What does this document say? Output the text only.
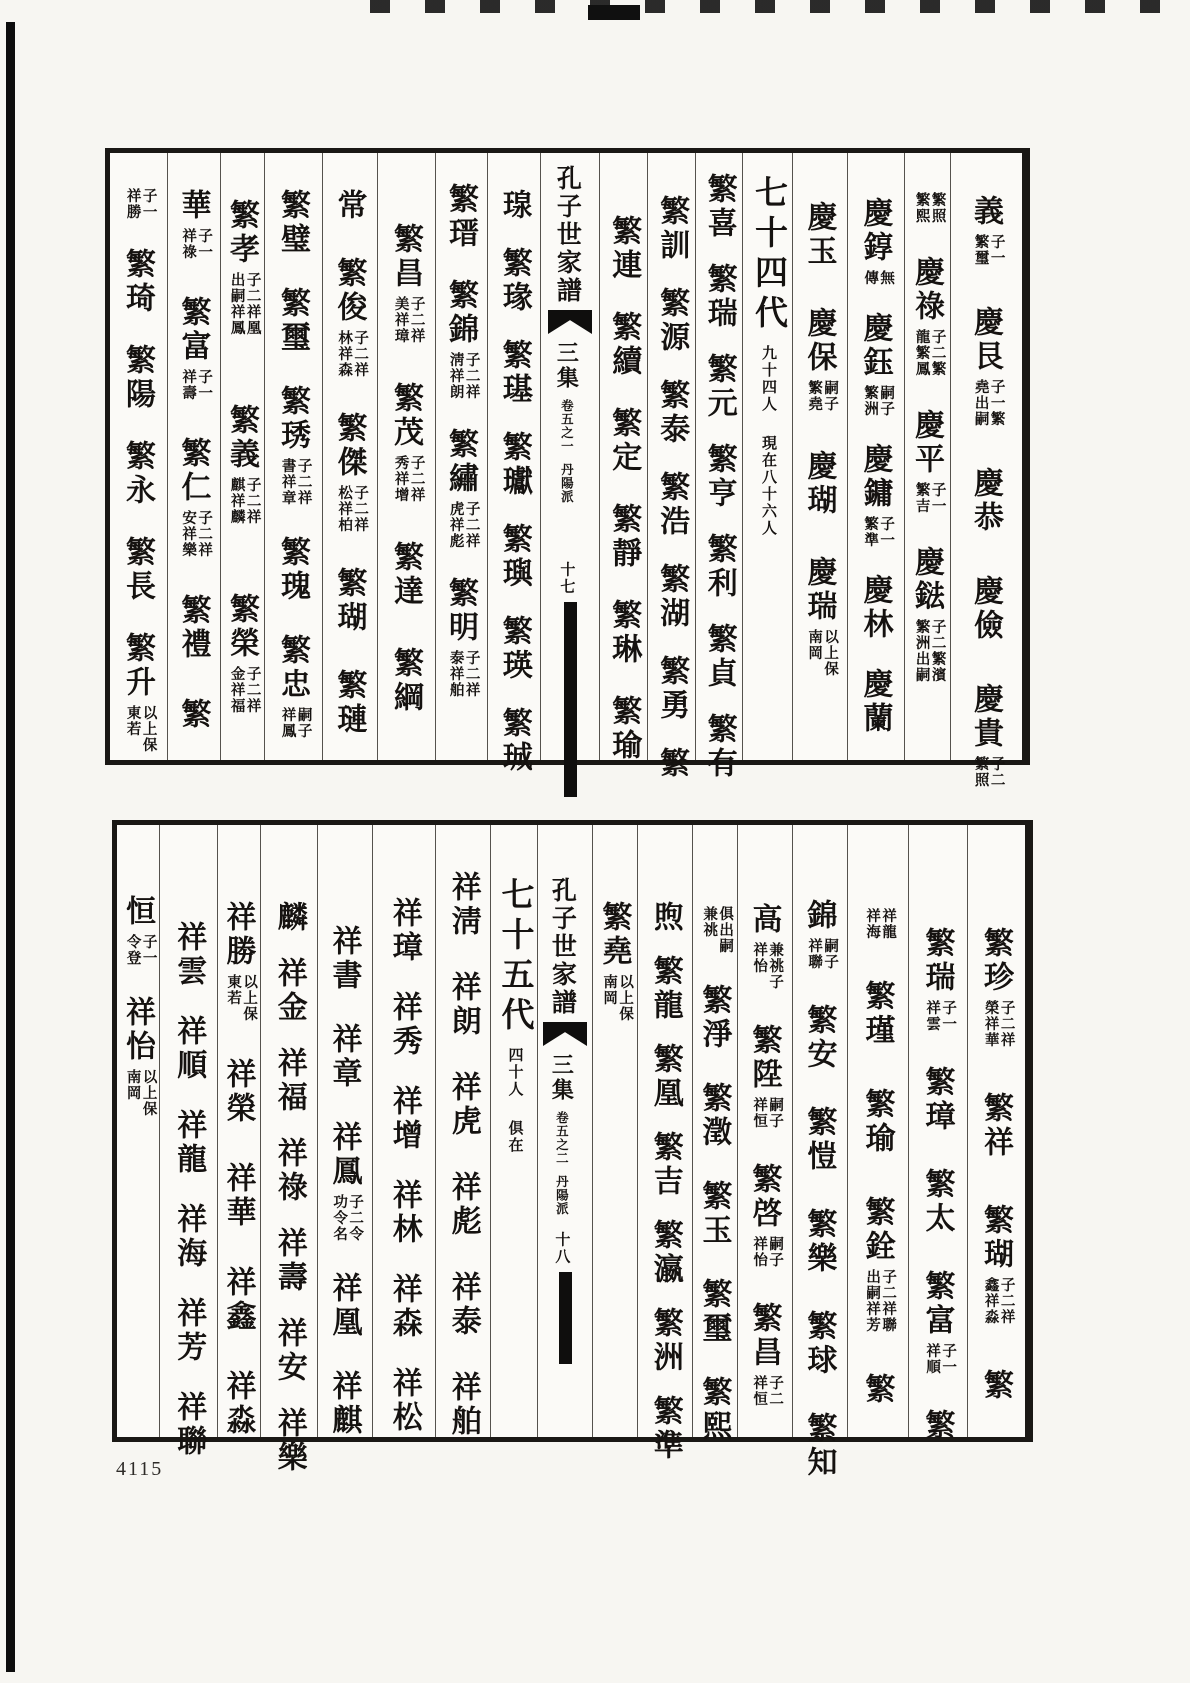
義
子一
繁璽
慶艮
子一繁
堯出嗣
慶恭慶儉慶貴
子二
繁照
繁照
繁熙
慶祿
子二繁
龍繁鳳
慶平
子一
繁吉
慶鍅
子二繁濱
繁洲出嗣
慶錞
無
傳
慶鈺
嗣子
繁洲
慶鏞
子一
繁準
慶林慶蘭
慶玉慶保
嗣子
繁堯
慶瑚慶瑞
以上保
南岡
七十四代九十四人現在八十六人
繁喜繁瑞繁元繁亨繁利繁貞繁有
繁訓繁源繁泰繁浩繁湖繁勇繁
繁連繁續繁定繁靜繁琳繁瑜
孔子世家譜三集卷五之一丹陽派十七
瑔繁瑑繁璂繁瓛繁璵繁瑛繁珹
繁瑨繁錦
子二祥
淸祥朗
繁繡
子二祥
虎祥彪
繁明
子二祥
泰祥舶
繁昌
子二祥
美祥璋
繁茂
子二祥
秀祥增
繁達繁綱
常繁俊
子二祥
林祥森
繁傑
子二祥
松祥柏
繁瑚繁璉
繁璧繁璽繁琇
子二祥
書祥章
繁瑰繁忠
嗣子
祥鳳
繁孝
子二祥凰
出嗣祥鳳
繁義
子二祥
麒祥麟
繁榮
子二祥
金祥福
華
子一
祥祿
繁富
子一
祥壽
繁仁
子二祥
安祥樂
繁禮繁
子一
祥勝
繁琦繁陽繁永繁長繁升
以上保
東若
繁珍
子二祥
榮祥華
繁祥繁瑚
子二祥
鑫祥淼
繁
繁瑞
子一
祥雲
繁璋繁太繁富
子一
祥順
繁
祥龍
祥海
繁瑾繁瑜繁銓
子二祥聯
出嗣祥芳
繁
錦
嗣子
祥聯
繁安繁愷繁樂繁球繁知
高
兼祧子
祥怡
繁陞
嗣子
祥恒
繁啓
嗣子
祥怡
繁昌
子二
祥恒
俱出嗣
兼祧
繁淨繁澂繁玉繁璽繁熙
煦繁龍繁凰繁吉繁瀛繁洲繁準
繁堯
以上保
南岡
孔子世家譜三集卷五之二丹陽派十八
七十五代四十人俱在
祥淸祥朗祥虎祥彪祥泰祥舶
祥璋祥秀祥增祥林祥森祥松
祥書祥章祥鳳
子二令
功令名
祥凰祥麒
麟祥金祥福祥祿祥壽祥安祥樂
祥勝
以上保
東若
祥榮祥華祥鑫祥淼
祥雲祥順祥龍祥海祥芳祥聯
恒
子一
令登
祥怡
以上保
南岡
4115
